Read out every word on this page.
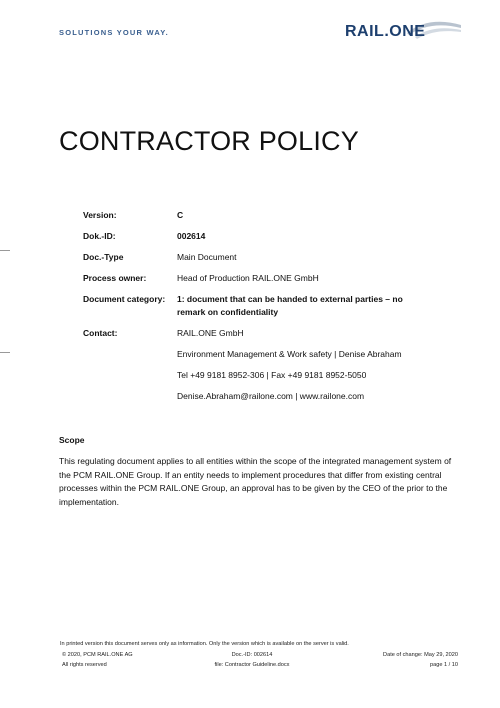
SOLUTIONS YOUR WAY.	RAIL.ONE
CONTRACTOR POLICY
Version:	C
Dok.-ID:	002614
Doc.-Type	Main Document
Process owner:	Head of Production RAIL.ONE GmbH
Document category:	1: document that can be handed to external parties – no remark on confidentiality
Contact:	RAIL.ONE GmbH
Environment Management & Work safety | Denise Abraham
Tel +49 9181 8952-306 | Fax +49 9181 8952-5050
Denise.Abraham@railone.com | www.railone.com
Scope
This regulating document applies to all entities within the scope of the integrated management system of the PCM RAIL.ONE Group. If an entity needs to implement procedures that differ from existing central processes within the PCM RAIL.ONE Group, an approval has to be given by the CEO of the prior to the implementation.
In printed version this document serves only as information. Only the version which is available on the server is valid.
© 2020, PCM RAIL.ONE AG	Doc.-ID: 002614	Date of change: May 29, 2020
All rights reserved	file: Contractor Guideline.docx	page 1 / 10
